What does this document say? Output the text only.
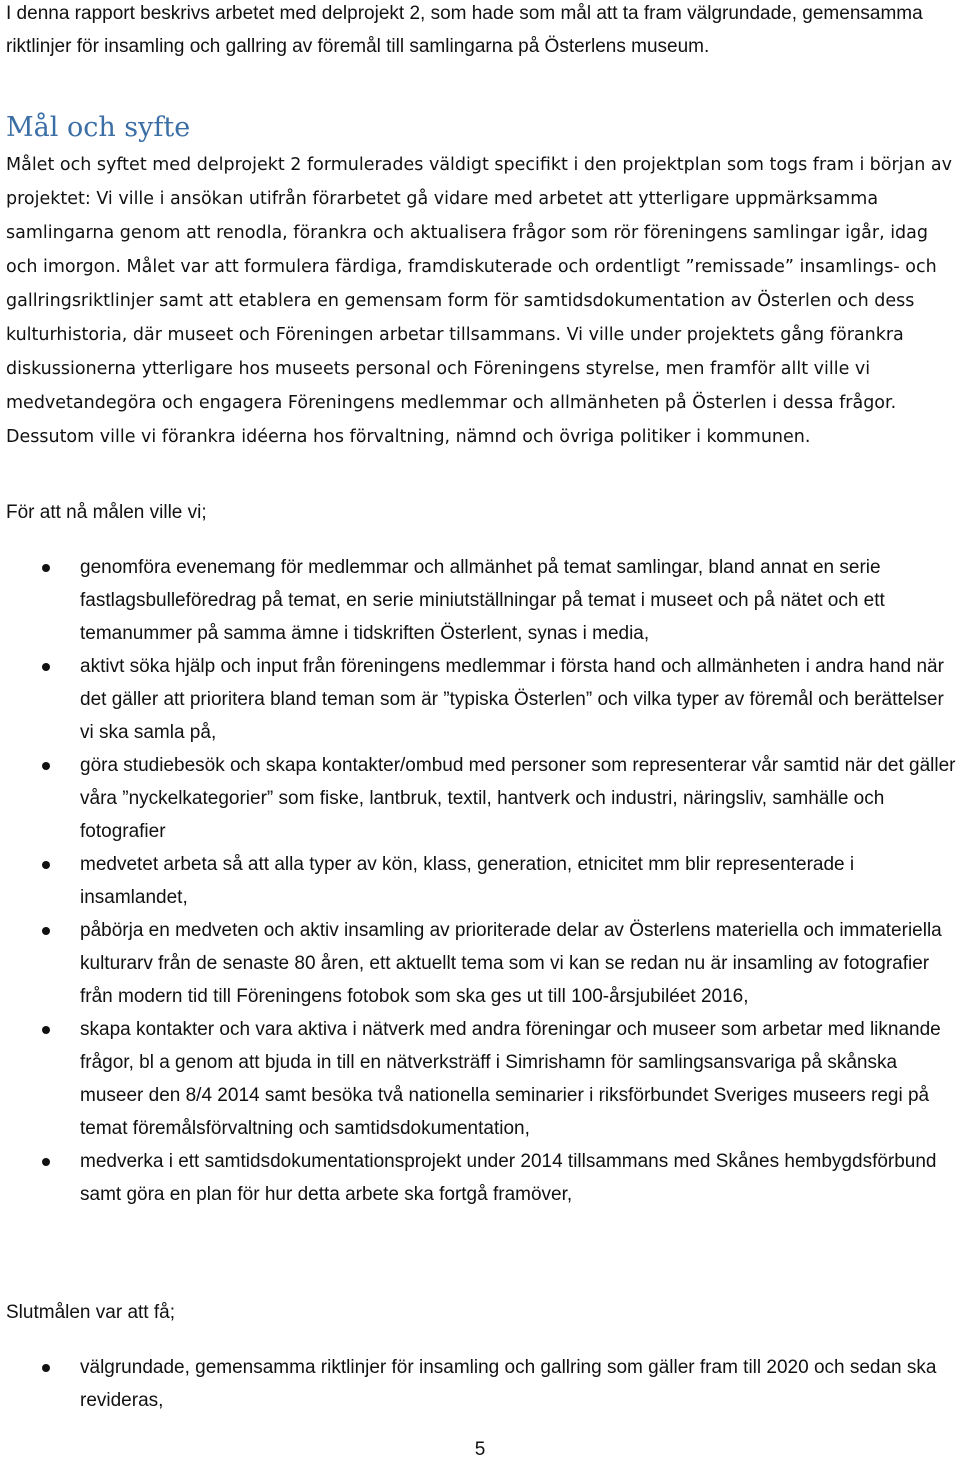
I denna rapport beskrivs arbetet med delprojekt 2, som hade som mål att ta fram välgrundade, gemensamma riktlinjer för insamling och gallring av föremål till samlingarna på Österlens museum.

Mål och syfte

Målet och syftet med delprojekt 2 formulerades väldigt specifikt i den projektplan som togs fram i början av projektet: Vi ville i ansökan utifrån förarbetet gå vidare med arbetet att ytterligare uppmärksamma samlingarna genom att renodla, förankra och aktualisera frågor som rör föreningens samlingar igår, idag och imorgon. Målet var att formulera färdiga, framdiskuterade och ordentligt ”remissade” insamlings- och gallringsriktlinjer samt att etablera en gemensam form för samtidsdokumentation av Österlen och dess kulturhistoria, där museet och Föreningen arbetar tillsammans. Vi ville under projektets gång förankra diskussionerna ytterligare hos museets personal och Föreningens styrelse, men framför allt ville vi medvetandegöra och engagera Föreningens medlemmar och allmänheten på Österlen i dessa frågor. Dessutom ville vi förankra idéerna hos förvaltning, nämnd och övriga politiker i kommunen.

För att nå målen ville vi;

genomföra evenemang för medlemmar och allmänhet på temat samlingar, bland annat en serie fastlagsbulleföredrag på temat, en serie miniutställningar på temat i museet och på nätet och ett temanummer på samma ämne i tidskriften Österlent, synas i media,
aktivt söka hjälp och input från föreningens medlemmar i första hand och allmänheten i andra hand när det gäller att prioritera bland teman som är ”typiska Österlen” och vilka typer av föremål och berättelser vi ska samla på,
göra studiebesök och skapa kontakter/ombud med personer som representerar vår samtid när det gäller våra ”nyckelkategorier” som fiske, lantbruk, textil, hantverk och industri, näringsliv, samhälle och fotografier
medvetet arbeta så att alla typer av kön, klass, generation, etnicitet mm blir representerade i insamlandet,
påbörja en medveten och aktiv insamling av prioriterade delar av Österlens materiella och immateriella kulturarv från de senaste 80 åren, ett aktuellt tema som vi kan se redan nu är insamling av fotografier från modern tid till Föreningens fotobok som ska ges ut till 100-årsjubiléet 2016,
skapa kontakter och vara aktiva i nätverk med andra föreningar och museer som arbetar med liknande frågor, bl a genom att bjuda in till en nätverksträff i Simrishamn för samlingsansvariga på skånska museer den 8/4 2014 samt besöka två nationella seminarier i riksförbundet Sveriges museers regi på temat föremålsförvaltning och samtidsdokumentation,
medverka i ett samtidsdokumentationsprojekt under 2014 tillsammans med Skånes hembygdsförbund samt göra en plan för hur detta arbete ska fortgå framöver,

Slutmålen var att få;

välgrundade, gemensamma riktlinjer för insamling och gallring som gäller fram till 2020 och sedan ska revideras,
5
